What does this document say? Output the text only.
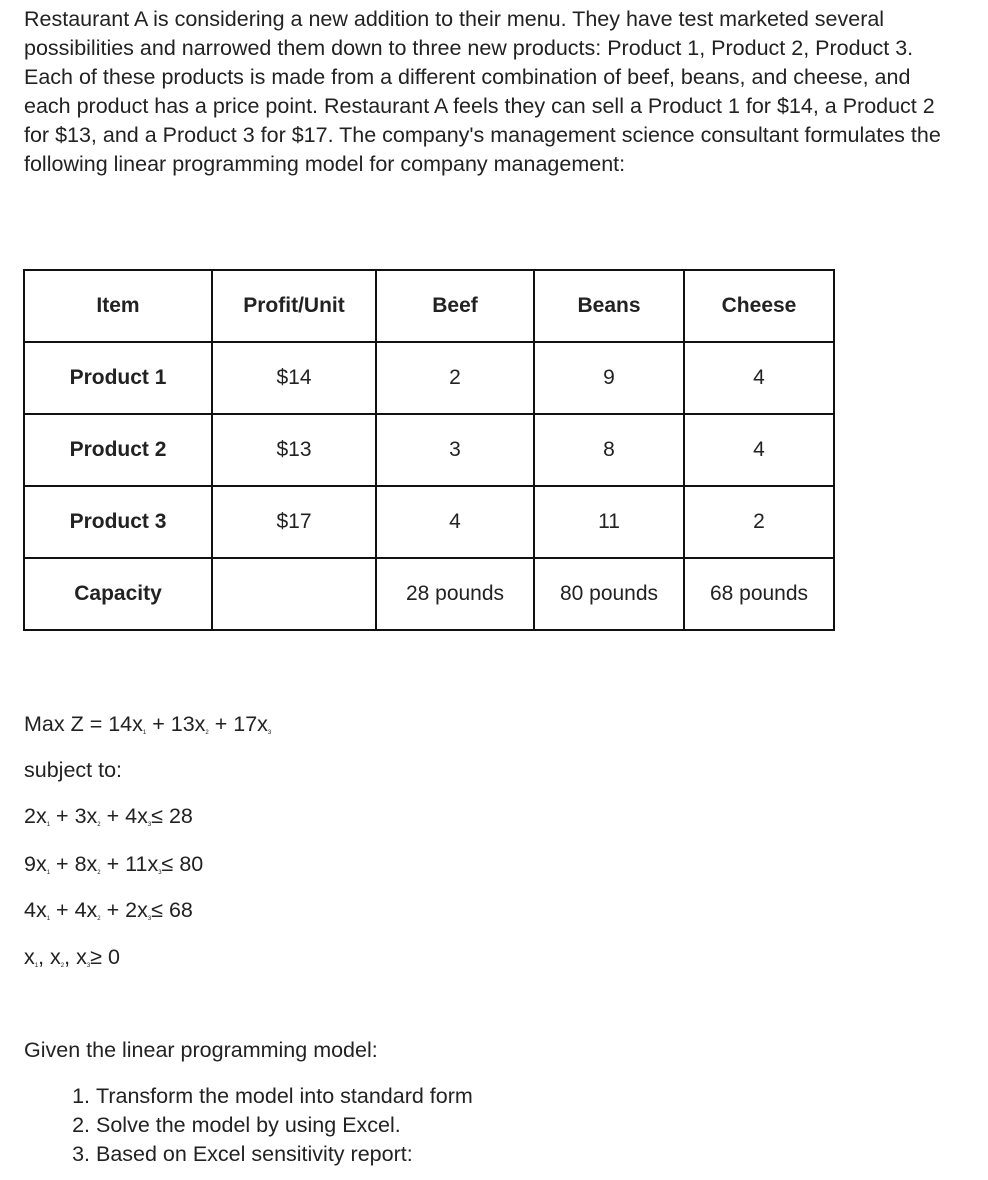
Restaurant A is considering a new addition to their menu. They have test marketed several possibilities and narrowed them down to three new products: Product 1, Product 2, Product 3. Each of these products is made from a different combination of beef, beans, and cheese, and each product has a price point. Restaurant A feels they can sell a Product 1 for $14, a Product 2 for $13, and a Product 3 for $17. The company's management science consultant formulates the following linear programming model for company management:

Item	Profit/Unit	Beef	Beans	Cheese
Product 1	$14	2	9	4
Product 2	$13	3	8	4
Product 3	$17	4	11	2
Capacity		28 pounds	80 pounds	68 pounds

Max $Z = 14x_1 + 13x_2 + 17x_3$

subject to:

$2x_1 + 3x_2 + 4x_3\le 28$

$9x_1 + 8x_2 + 11x_3\le 80$

$4x_1 + 4x_2 + 2x_3\le 68$

$x_1$, $x_2$, $x_3\ge 0$

Given the linear programming model:

1. Transform the model into standard form
2. Solve the model by using Excel.
3. Based on Excel sensitivity report:
